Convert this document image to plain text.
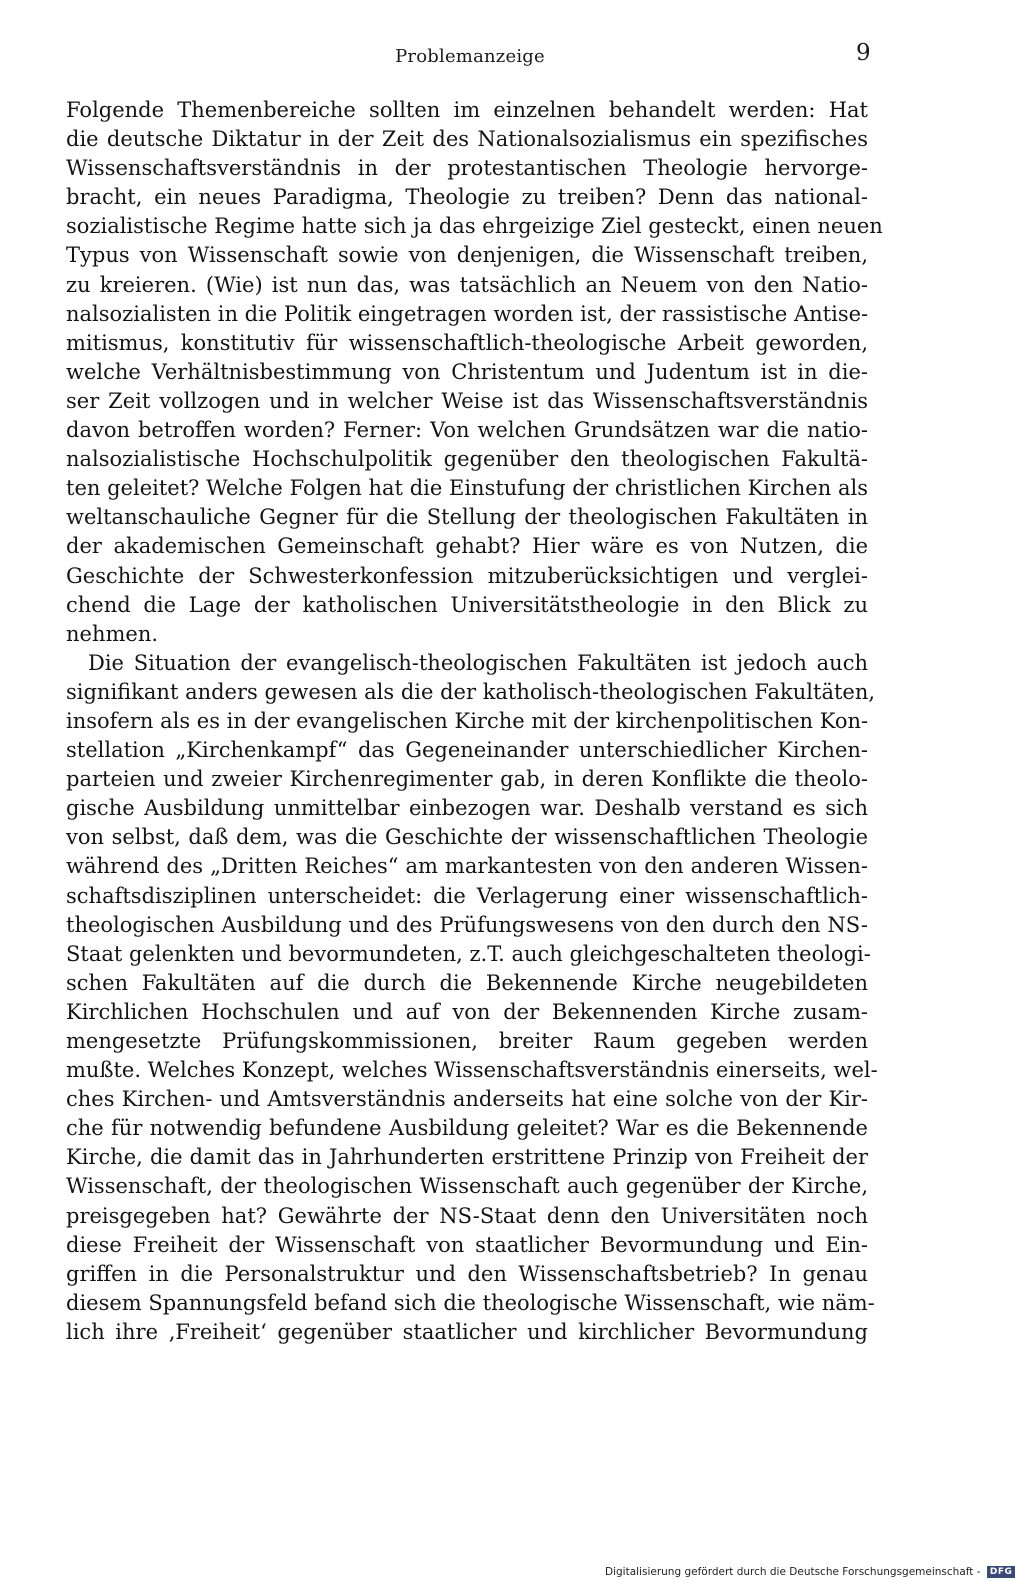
Problemanzeige	9
Folgende Themenbereiche sollten im einzelnen behandelt werden: Hat
die deutsche Diktatur in der Zeit des Nationalsozialismus ein spezifisches
Wissenschaftsverständnis in der protestantischen Theologie hervorge-
bracht, ein neues Paradigma, Theologie zu treiben? Denn das national-
sozialistische Regime hatte sich ja das ehrgeizige Ziel gesteckt, einen neuen
Typus von Wissenschaft sowie von denjenigen, die Wissenschaft treiben,
zu kreieren. (Wie) ist nun das, was tatsächlich an Neuem von den Natio-
nalsozialisten in die Politik eingetragen worden ist, der rassistische Antise-
mitismus, konstitutiv für wissenschaftlich-theologische Arbeit geworden,
welche Verhältnisbestimmung von Christentum und Judentum ist in die-
ser Zeit vollzogen und in welcher Weise ist das Wissenschaftsverständnis
davon betroffen worden? Ferner: Von welchen Grundsätzen war die natio-
nalsozialistische Hochschulpolitik gegenüber den theologischen Fakultä-
ten geleitet? Welche Folgen hat die Einstufung der christlichen Kirchen als
weltanschauliche Gegner für die Stellung der theologischen Fakultäten in
der akademischen Gemeinschaft gehabt? Hier wäre es von Nutzen, die
Geschichte der Schwesterkonfession mitzuberücksichtigen und verglei-
chend die Lage der katholischen Universitätstheologie in den Blick zu
nehmen.
Die Situation der evangelisch-theologischen Fakultäten ist jedoch auch
signifikant anders gewesen als die der katholisch-theologischen Fakultäten,
insofern als es in der evangelischen Kirche mit der kirchenpolitischen Kon-
stellation „Kirchenkampf“ das Gegeneinander unterschiedlicher Kirchen-
parteien und zweier Kirchenregimenter gab, in deren Konflikte die theolo-
gische Ausbildung unmittelbar einbezogen war. Deshalb verstand es sich
von selbst, daß dem, was die Geschichte der wissenschaftlichen Theologie
während des „Dritten Reiches“ am markantesten von den anderen Wissen-
schaftsdisziplinen unterscheidet: die Verlagerung einer wissenschaftlich-
theologischen Ausbildung und des Prüfungswesens von den durch den NS-
Staat gelenkten und bevormundeten, z.T. auch gleichgeschalteten theologi-
schen Fakultäten auf die durch die Bekennende Kirche neugebildeten
Kirchlichen Hochschulen und auf von der Bekennenden Kirche zusam-
mengesetzte Prüfungskommissionen, breiter Raum gegeben werden
mußte. Welches Konzept, welches Wissenschaftsverständnis einerseits, wel-
ches Kirchen- und Amtsverständnis anderseits hat eine solche von der Kir-
che für notwendig befundene Ausbildung geleitet? War es die Bekennende
Kirche, die damit das in Jahrhunderten erstrittene Prinzip von Freiheit der
Wissenschaft, der theologischen Wissenschaft auch gegenüber der Kirche,
preisgegeben hat? Gewährte der NS-Staat denn den Universitäten noch
diese Freiheit der Wissenschaft von staatlicher Bevormundung und Ein-
griffen in die Personalstruktur und den Wissenschaftsbetrieb? In genau
diesem Spannungsfeld befand sich die theologische Wissenschaft, wie näm-
lich ihre ‚Freiheit‘ gegenüber staatlicher und kirchlicher Bevormundung
Digitalisierung gefördert durch die Deutsche Forschungsgemeinschaft - DFG
